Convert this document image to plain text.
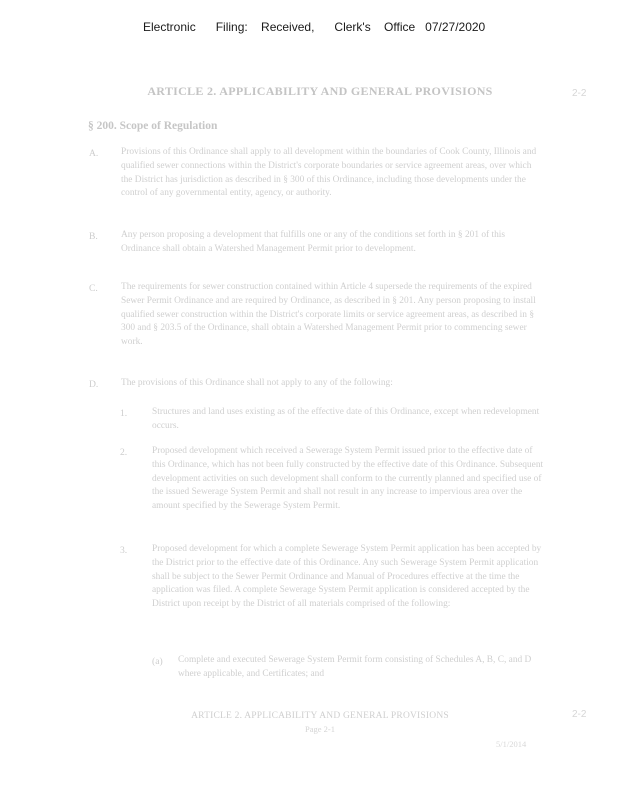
Electronic      Filing:    Received,      Clerk's    Office   07/27/2020
ARTICLE 2. APPLICABILITY AND GENERAL PROVISIONS	2-2
§ 200. Scope of Regulation
A. Provisions of this Ordinance shall apply to all development within the boundaries of Cook County, Illinois and qualified sewer connections within the District's corporate boundaries or service agreement areas, over which the District has jurisdiction as described in § 300 of this Ordinance, including those developments under the control of any governmental entity, agency, or authority.
B. Any person proposing a development that fulfills one or any of the conditions set forth in § 201 of this Ordinance shall obtain a Watershed Management Permit prior to development.
C. The requirements for sewer construction contained within Article 4 supersede the requirements of the expired Sewer Permit Ordinance and are required by Ordinance, as described in § 201. Any person proposing to install qualified sewer construction within the District's corporate limits or service agreement areas, as described in § 300 and § 203.5 of the Ordinance, shall obtain a Watershed Management Permit prior to commencing sewer work.
D. The provisions of this Ordinance shall not apply to any of the following:
1.	Structures and land uses existing as of the effective date of this Ordinance, except when redevelopment occurs.
2.	Proposed development which received a Sewerage System Permit issued prior to the effective date of this Ordinance, which has not been fully constructed by the effective date of this Ordinance. Subsequent development activities on such development shall conform to the currently planned and specified use of the issued Sewerage System Permit and shall not result in any increase to impervious area over the amount specified by the Sewerage System Permit.
3.	Proposed development for which a complete Sewerage System Permit application has been accepted by the District prior to the effective date of this Ordinance. Any such Sewerage System Permit application shall be subject to the Sewer Permit Ordinance and Manual of Procedures effective at the time the application was filed. A complete Sewerage System Permit application is considered accepted by the District upon receipt by the District of all materials comprised of the following:
(a) Complete and executed Sewerage System Permit form consisting of Schedules A, B, C, and D where applicable, and Certificates; and
ARTICLE 2. APPLICABILITY AND GENERAL PROVISIONS
Page 2-1
5/1/2014
2-2
